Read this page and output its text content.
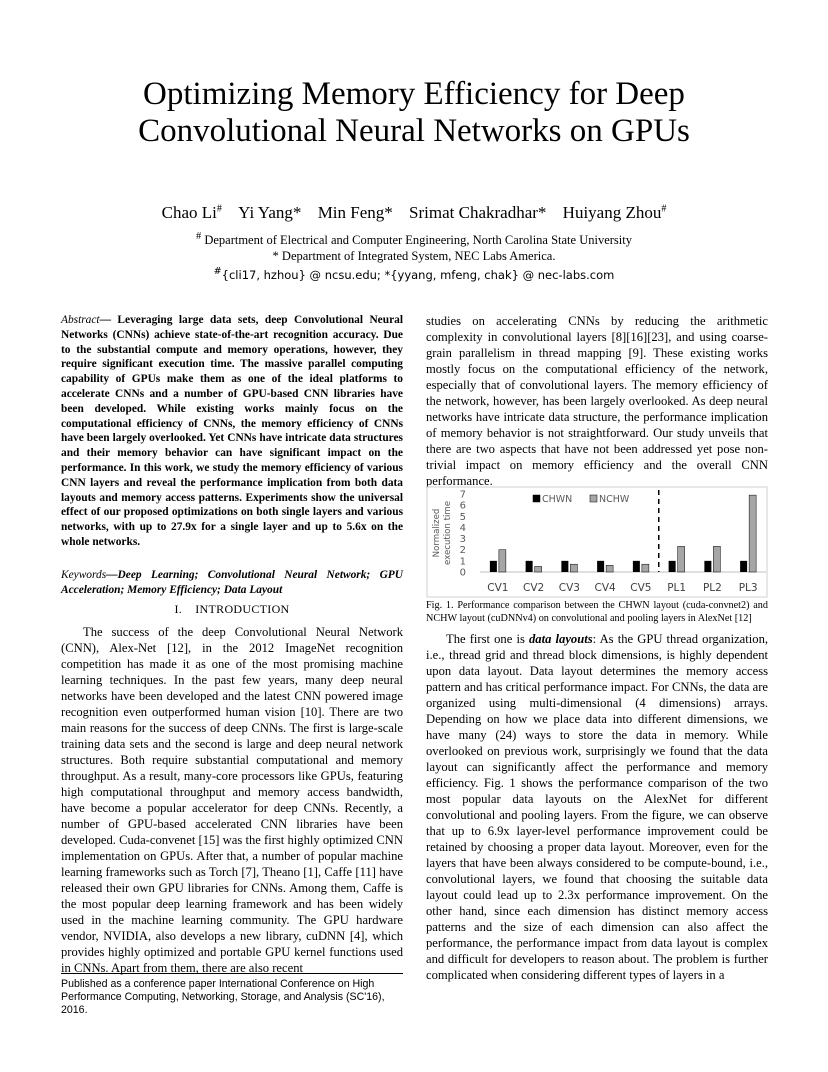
Optimizing Memory Efficiency for Deep
Convolutional Neural Networks on GPUs
Chao Li# Yi Yang* Min Feng* Srimat Chakradhar* Huiyang Zhou#
# Department of Electrical and Computer Engineering, North Carolina State University
* Department of Integrated System, NEC Labs America.
#{cli17, hzhou} @ ncsu.edu; *{yyang, mfeng, chak} @ nec-labs.com
Abstract— Leveraging large data sets, deep Convolutional Neural Networks (CNNs) achieve state-of-the-art recognition accuracy. Due to the substantial compute and memory operations, however, they require significant execution time. The massive parallel computing capability of GPUs make them as one of the ideal platforms to accelerate CNNs and a number of GPU-based CNN libraries have been developed. While existing works mainly focus on the computational efficiency of CNNs, the memory efficiency of CNNs have been largely overlooked. Yet CNNs have intricate data structures and their memory behavior can have significant impact on the performance. In this work, we study the memory efficiency of various CNN layers and reveal the performance implication from both data layouts and memory access patterns. Experiments show the universal effect of our proposed optimizations on both single layers and various networks, with up to 27.9x for a single layer and up to 5.6x on the whole networks.
Keywords—Deep Learning; Convolutional Neural Network; GPU Acceleration; Memory Efficiency; Data Layout
I. INTRODUCTION
The success of the deep Convolutional Neural Network (CNN), Alex-Net [12], in the 2012 ImageNet recognition competition has made it as one of the most promising machine learning techniques. In the past few years, many deep neural networks have been developed and the latest CNN powered image recognition even outperformed human vision [10]. There are two main reasons for the success of deep CNNs. The first is large-scale training data sets and the second is large and deep neural network structures. Both require substantial computational and memory throughput. As a result, many-core processors like GPUs, featuring high computational throughput and memory access bandwidth, have become a popular accelerator for deep CNNs. Recently, a number of GPU-based accelerated CNN libraries have been developed. Cuda-convenet [15] was the first highly optimized CNN implementation on GPUs. After that, a number of popular machine learning frameworks such as Torch [7], Theano [1], Caffe [11] have released their own GPU libraries for CNNs. Among them, Caffe is the most popular deep learning framework and has been widely used in the machine learning community. The GPU hardware vendor, NVIDIA, also develops a new library, cuDNN [4], which provides highly optimized and portable GPU kernel functions used in CNNs. Apart from them, there are also recent
studies on accelerating CNNs by reducing the arithmetic complexity in convolutional layers [8][16][23], and using coarse-grain parallelism in thread mapping [9]. These existing works mostly focus on the computational efficiency of the network, especially that of convolutional layers. The memory efficiency of the network, however, has been largely overlooked. As deep neural networks have intricate data structure, the performance implication of memory behavior is not straightforward. Our study unveils that there are two aspects that have not been addressed yet pose non-trivial impact on memory efficiency and the overall CNN performance.
0
1
2
3
4
5
6
7
Normalized execution time
CV1 CV2 CV3 CV4 CV5 PL1 PL2 PL3
CHWN	NCHW
Fig. 1. Performance comparison between the CHWN layout (cuda-convnet2) and NCHW layout (cuDNNv4) on convolutional and pooling layers in AlexNet [12]
The first one is data layouts: As the GPU thread organization, i.e., thread grid and thread block dimensions, is highly dependent upon data layout. Data layout determines the memory access pattern and has critical performance impact. For CNNs, the data are organized using multi-dimensional (4 dimensions) arrays. Depending on how we place data into different dimensions, we have many (24) ways to store the data in memory. While overlooked on previous work, surprisingly we found that the data layout can significantly affect the performance and memory efficiency. Fig. 1 shows the performance comparison of the two most popular data layouts on the AlexNet for different convolutional and pooling layers. From the figure, we can observe that up to 6.9x layer-level performance improvement could be retained by choosing a proper data layout. Moreover, even for the layers that have been always considered to be compute-bound, i.e., convolutional layers, we found that choosing the suitable data layout could lead up to 2.3x performance improvement. On the other hand, since each dimension has distinct memory access patterns and the size of each dimension can also affect the performance, the performance impact from data layout is complex and difficult for developers to reason about. The problem is further complicated when considering different types of layers in a
Published as a conference paper International Conference on High Performance Computing, Networking, Storage, and Analysis (SC'16), 2016.
